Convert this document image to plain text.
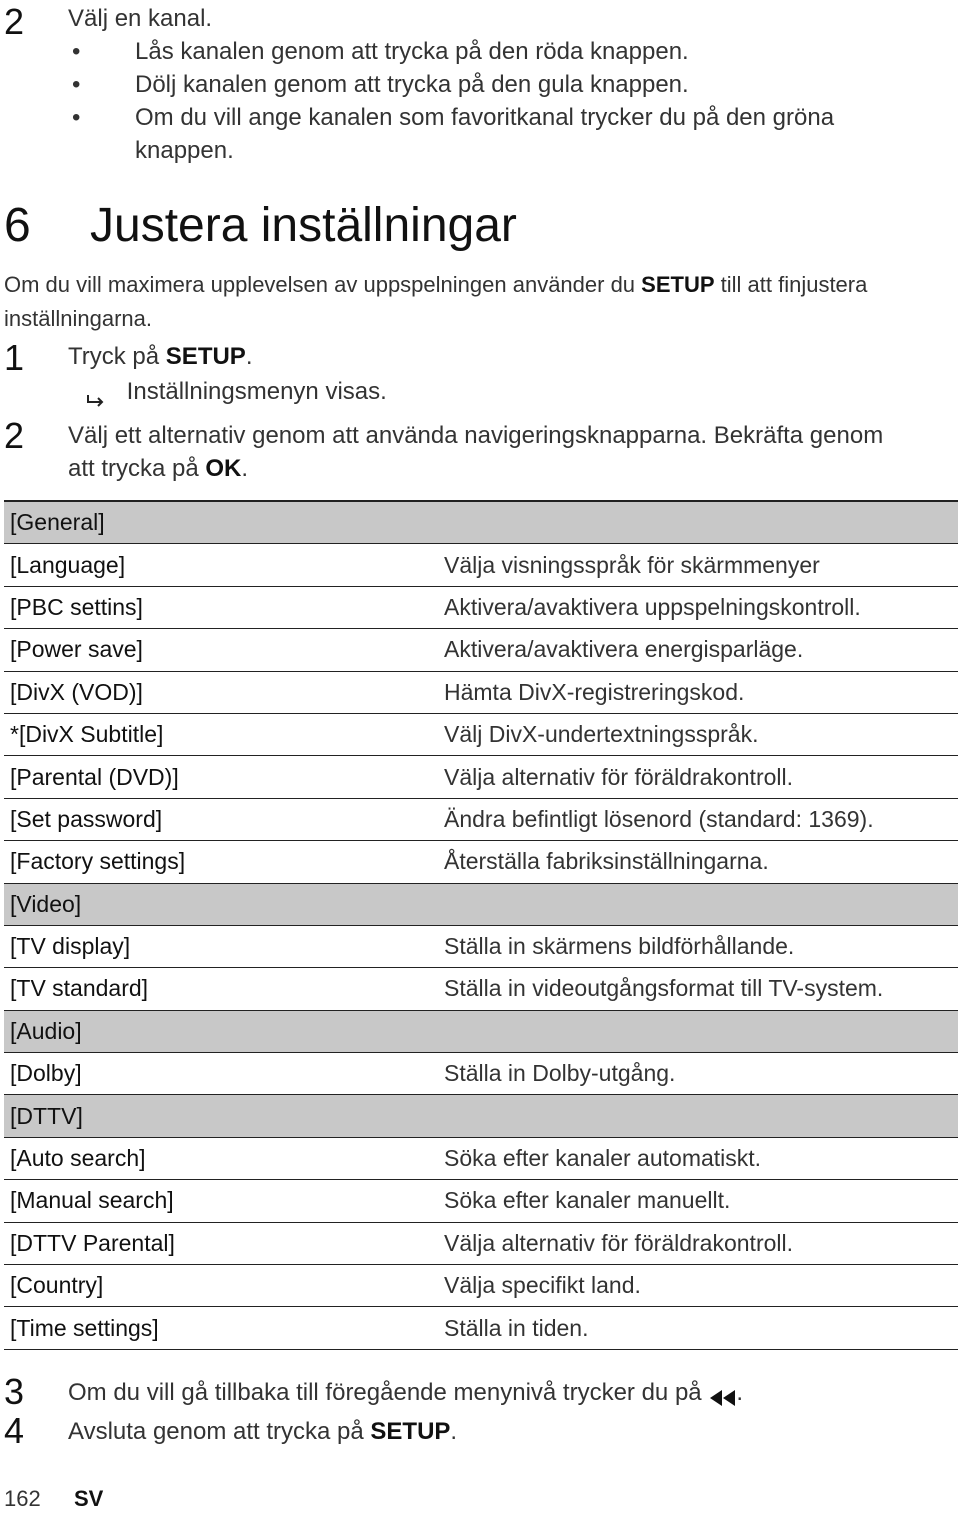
2 Välj en kanal.
• Lås kanalen genom att trycka på den röda knappen.
• Dölj kanalen genom att trycka på den gula knappen.
• Om du vill ange kanalen som favoritkanal trycker du på den gröna
knappen.
6 Justera inställningar
Om du vill maximera upplevelsen av uppspelningen använder du SETUP till att finjustera
inställningarna.
1 Tryck på SETUP.
Inställningsmenyn visas.
2 Välj ett alternativ genom att använda navigeringsknapparna. Bekräfta genom
att trycka på OK.
[General]
[Language]	Välja visningsspråk för skärmmenyer
[PBC settins]	Aktivera/avaktivera uppspelningskontroll.
[Power save]	Aktivera/avaktivera energisparläge.
[DivX (VOD)]	Hämta DivX-registreringskod.
*[DivX Subtitle]	Välj DivX-undertextningsspråk.
[Parental (DVD)]	Välja alternativ för föräldrakontroll.
[Set password]	Ändra befintligt lösenord (standard: 1369).
[Factory settings]	Återställa fabriksinställningarna.
[Video]
[TV display]	Ställa in skärmens bildförhållande.
[TV standard]	Ställa in videoutgångsformat till TV-system.
[Audio]
[Dolby]	Ställa in Dolby-utgång.
[DTTV]
[Auto search]	Söka efter kanaler automatiskt.
[Manual search]	Söka efter kanaler manuellt.
[DTTV Parental]	Välja alternativ för föräldrakontroll.
[Country]	Välja specifikt land.
[Time settings]	Ställa in tiden.
3 Om du vill gå tillbaka till föregående menynivå trycker du på .
4 Avsluta genom att trycka på SETUP.
162 SV
